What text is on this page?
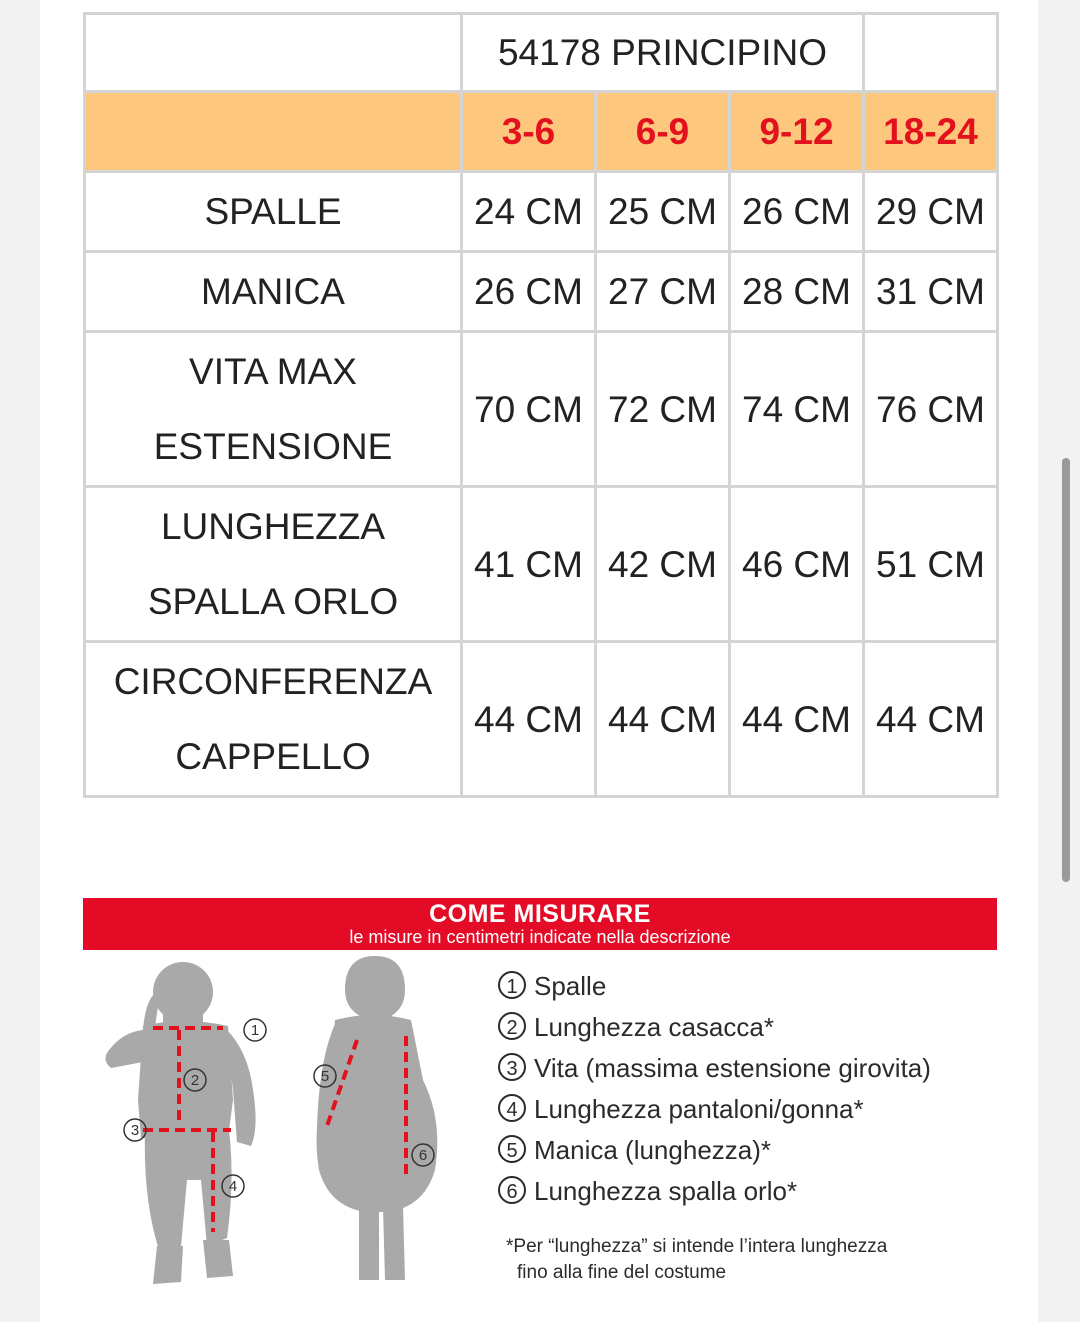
	54178 PRINCIPINO			
	3-6	6-9	9-12	18-24
SPALLE	24 CM	25 CM	26 CM	29 CM
MANICA	26 CM	27 CM	28 CM	31 CM

VITA MAX
ESTENSIONE	70 CM	72 CM	74 CM	76 CM

LUNGHEZZA
SPALLA ORLO	41 CM	42 CM	46 CM	51 CM

CIRCONFERENZA
CAPPELLO	44 CM	44 CM	44 CM	44 CM
COME MISURARE
le misure in centimetri indicate nella descrizione
1
2
3
4
5
6
1 Spalle
2 Lunghezza casacca*
3 Vita (massima estensione girovita)
4 Lunghezza pantaloni/gonna*
5 Manica (lunghezza)*
6 Lunghezza spalla orlo*
*Per “lunghezza” si intende l’intera lunghezza
fino alla fine del costume
